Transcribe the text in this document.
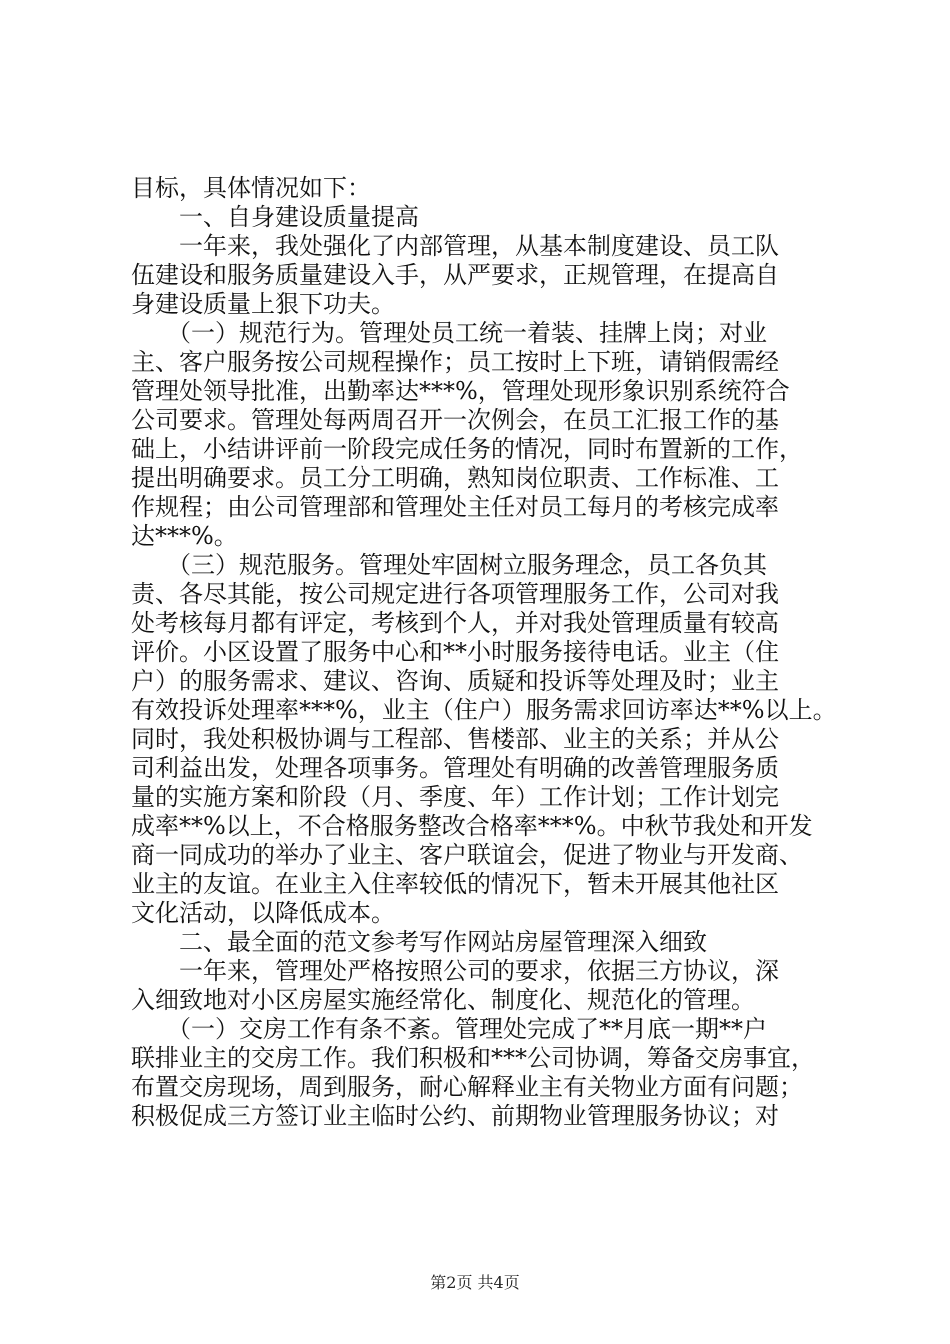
目标，具体情况如下：
　　一、自身建设质量提高
　　一年来，我处强化了内部管理，从基本制度建设、员工队
伍建设和服务质量建设入手，从严要求，正规管理，在提高自
身建设质量上狠下功夫。
　　（一）规范行为。管理处员工统一着装、挂牌上岗；对业
主、客户服务按公司规程操作；员工按时上下班，请销假需经
管理处领导批准，出勤率达***%，管理处现形象识别系统符合
公司要求。管理处每两周召开一次例会，在员工汇报工作的基
础上，小结讲评前一阶段完成任务的情况，同时布置新的工作，
提出明确要求。员工分工明确，熟知岗位职责、工作标准、工
作规程；由公司管理部和管理处主任对员工每月的考核完成率
达***%。
　　（三）规范服务。管理处牢固树立服务理念，员工各负其
责、各尽其能，按公司规定进行各项管理服务工作，公司对我
处考核每月都有评定，考核到个人，并对我处管理质量有较高
评价。小区设置了服务中心和**小时服务接待电话。业主（住
户）的服务需求、建议、咨询、质疑和投诉等处理及时；业主
有效投诉处理率***%，业主（住户）服务需求回访率达**%以上。
同时，我处积极协调与工程部、售楼部、业主的关系；并从公
司利益出发，处理各项事务。管理处有明确的改善管理服务质
量的实施方案和阶段（月、季度、年）工作计划；工作计划完
成率**%以上，不合格服务整改合格率***%。中秋节我处和开发
商一同成功的举办了业主、客户联谊会，促进了物业与开发商、
业主的友谊。在业主入住率较低的情况下，暂未开展其他社区
文化活动，以降低成本。
　　二、最全面的范文参考写作网站房屋管理深入细致
　　一年来，管理处严格按照公司的要求，依据三方协议，深
入细致地对小区房屋实施经常化、制度化、规范化的管理。
　　（一）交房工作有条不紊。管理处完成了**月底一期**户
联排业主的交房工作。我们积极和***公司协调，筹备交房事宜，
布置交房现场，周到服务，耐心解释业主有关物业方面有问题；
积极促成三方签订业主临时公约、前期物业管理服务协议；对
第2页 共4页
